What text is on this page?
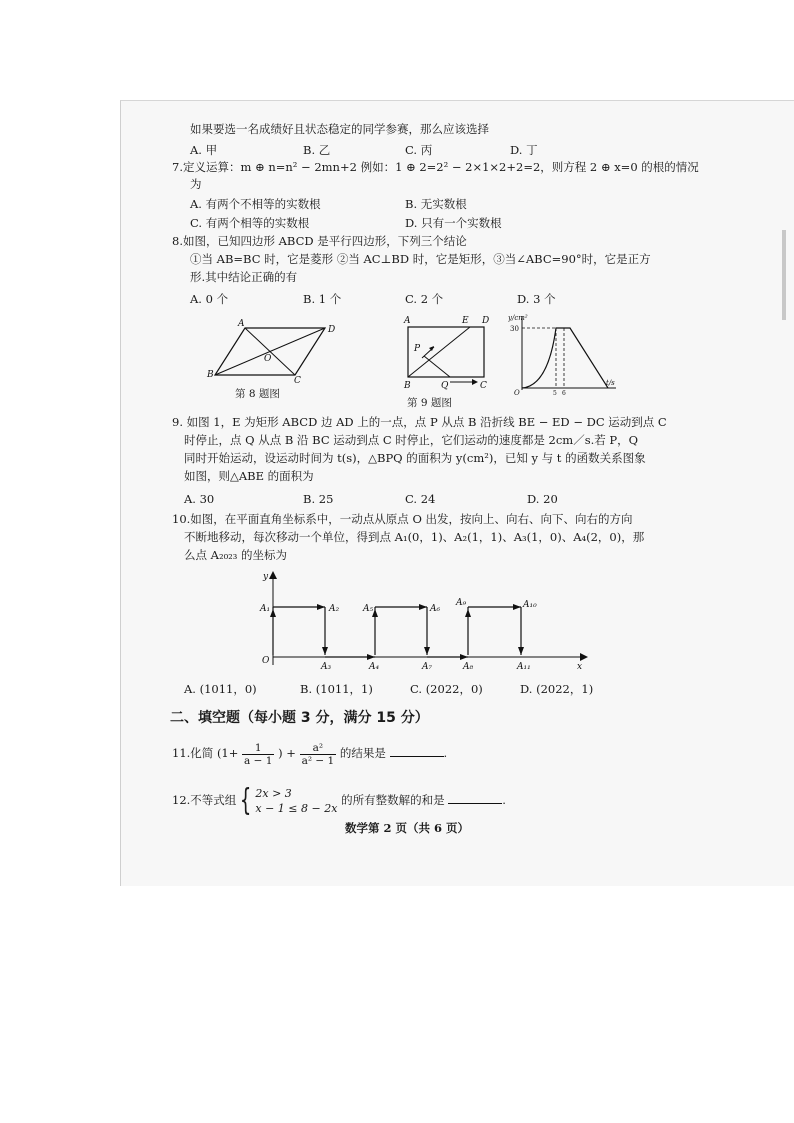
如果要选一名成绩好且状态稳定的同学参赛，那么应该选择
A. 甲	B. 乙	C. 丙	D. 丁
7.定义运算：m ⊕ n=n² − 2mn+2 例如：1 ⊕ 2=2² − 2×1×2+2=2，则方程 2 ⊕ x=0 的根的情况
为
A. 有两个不相等的实数根	B. 无实数根
C. 有两个相等的实数根	D. 只有一个实数根
8.如图，已知四边形 ABCD 是平行四边形，下列三个结论
①当 AB=BC 时，它是菱形 ②当 AC⊥BD 时，它是矩形，③当∠ABC=90°时，它是正方
形.其中结论正确的有
A. 0 个	B. 1 个	C. 2 个	D. 3 个
A
D
O
B
C
第 8 题图
A	E D
P
B	Q	C
第 9 题图
y/cm²
30
O	5 6
t/s
9. 如图 1，E 为矩形 ABCD 边 AD 上的一点，点 P 从点 B 沿折线 BE − ED − DC 运动到点 C
时停止，点 Q 从点 B 沿 BC 运动到点 C 时停止，它们运动的速度都是 2cm／s.若 P，Q
同时开始运动，设运动时间为 t(s)，△BPQ 的面积为 y(cm²)，已知 y 与 t 的函数关系图象
如图，则△ABE 的面积为
A. 30	B. 25	C. 24	D. 20
10.如图，在平面直角坐标系中，一动点从原点 O 出发，按向上、向右、向下、向右的方向
不断地移动，每次移动一个单位，得到点 A₁(0，1)、A₂(1，1)、A₃(1，0)、A₄(2，0)，那
么点 A₂₀₂₃ 的坐标为
y
O
x
A₁	A₂
A₃	A₄
A₅	A₆
A₇	A₈
A₉	A₁₀
A₁₁
A. (1011，0)	B. (1011，1)	C. (2022，0)	D. (2022，1)
二、填空题（每小题 3 分，满分 15 分）
11.化简 ($1+ \frac{1}{a - 1}$ ) + $\frac{\text{a²}}{\text{a² − 1}}$ 的结果是	.
12.不等式组 { 2x > 3
x − 1 ≤ 8 − 2x
的所有整数解的和是	.
数学第 2 页（共 6 页）
